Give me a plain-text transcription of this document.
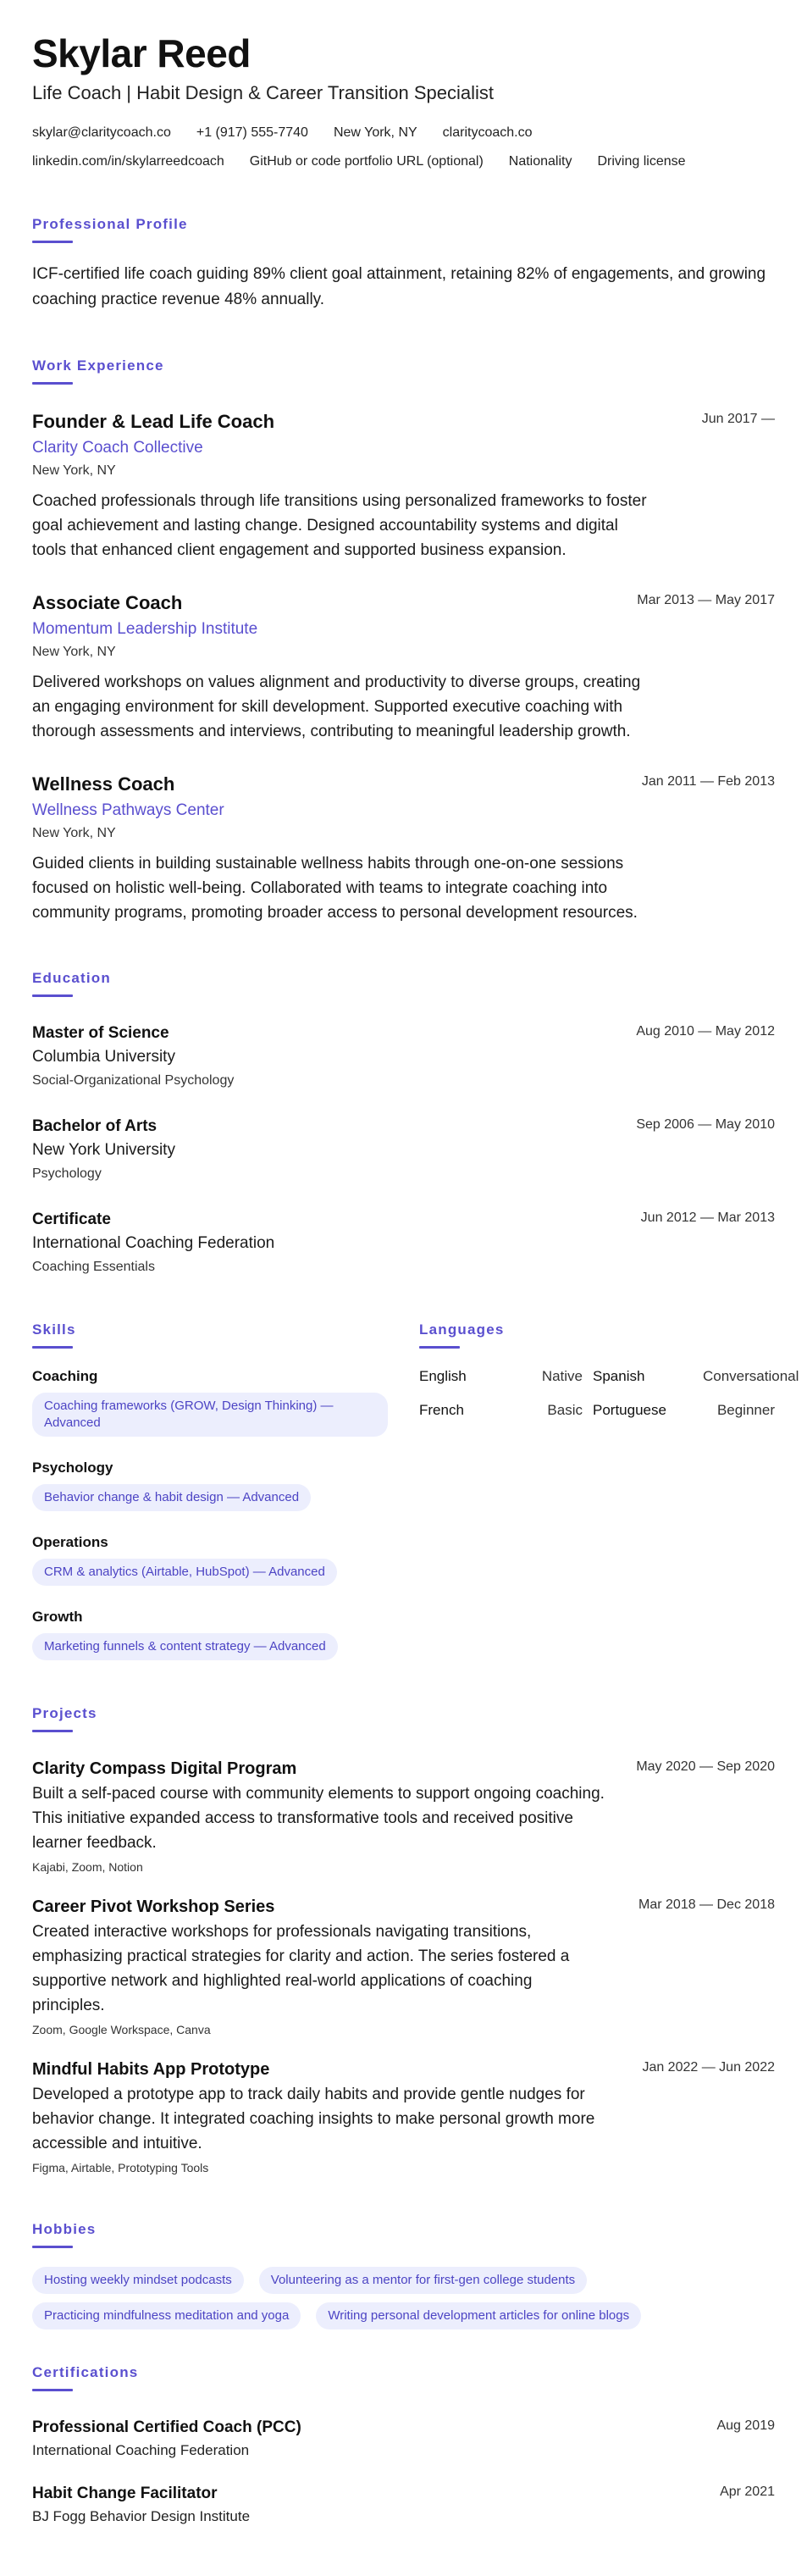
Skylar Reed
Life Coach | Habit Design & Career Transition Specialist
skylar@claritycoach.co +1 (917) 555-7740 New York, NY claritycoach.co
linkedin.com/in/skylarreedcoach GitHub or code portfolio URL (optional) Nationality Driving license
Professional Profile
ICF-certified life coach guiding 89% client goal attainment, retaining 82% of engagements, and growing coaching practice revenue 48% annually.
Work Experience
Founder & Lead Life Coach	Jun 2017 —
Clarity Coach Collective
New York, NY
Coached professionals through life transitions using personalized frameworks to foster goal achievement and lasting change. Designed accountability systems and digital tools that enhanced client engagement and supported business expansion.
Associate Coach	Mar 2013 — May 2017
Momentum Leadership Institute
New York, NY
Delivered workshops on values alignment and productivity to diverse groups, creating an engaging environment for skill development. Supported executive coaching with thorough assessments and interviews, contributing to meaningful leadership growth.
Wellness Coach	Jan 2011 — Feb 2013
Wellness Pathways Center
New York, NY
Guided clients in building sustainable wellness habits through one-on-one sessions focused on holistic well-being. Collaborated with teams to integrate coaching into community programs, promoting broader access to personal development resources.
Education
Master of Science	Aug 2010 — May 2012
Columbia University
Social-Organizational Psychology
Bachelor of Arts	Sep 2006 — May 2010
New York University
Psychology
Certificate	Jun 2012 — Mar 2013
International Coaching Federation
Coaching Essentials
Skills
Coaching
Coaching frameworks (GROW, Design Thinking) — Advanced
Psychology
Behavior change & habit design — Advanced
Operations
CRM & analytics (Airtable, HubSpot) — Advanced
Growth
Marketing funnels & content strategy — Advanced
Languages
English	Native Spanish	Conversational
French	Basic Portuguese	Beginner
Projects
Clarity Compass Digital Program	May 2020 — Sep 2020
Built a self-paced course with community elements to support ongoing coaching. This initiative expanded access to transformative tools and received positive learner feedback.
Kajabi, Zoom, Notion
Career Pivot Workshop Series	Mar 2018 — Dec 2018
Created interactive workshops for professionals navigating transitions, emphasizing practical strategies for clarity and action. The series fostered a supportive network and highlighted real-world applications of coaching principles.
Zoom, Google Workspace, Canva
Mindful Habits App Prototype	Jan 2022 — Jun 2022
Developed a prototype app to track daily habits and provide gentle nudges for behavior change. It integrated coaching insights to make personal growth more accessible and intuitive.
Figma, Airtable, Prototyping Tools
Hobbies
Hosting weekly mindset podcasts	Volunteering as a mentor for first-gen college students
Practicing mindfulness meditation and yoga	Writing personal development articles for online blogs
Certifications
Professional Certified Coach (PCC)	Aug 2019
International Coaching Federation
Habit Change Facilitator	Apr 2021
BJ Fogg Behavior Design Institute
